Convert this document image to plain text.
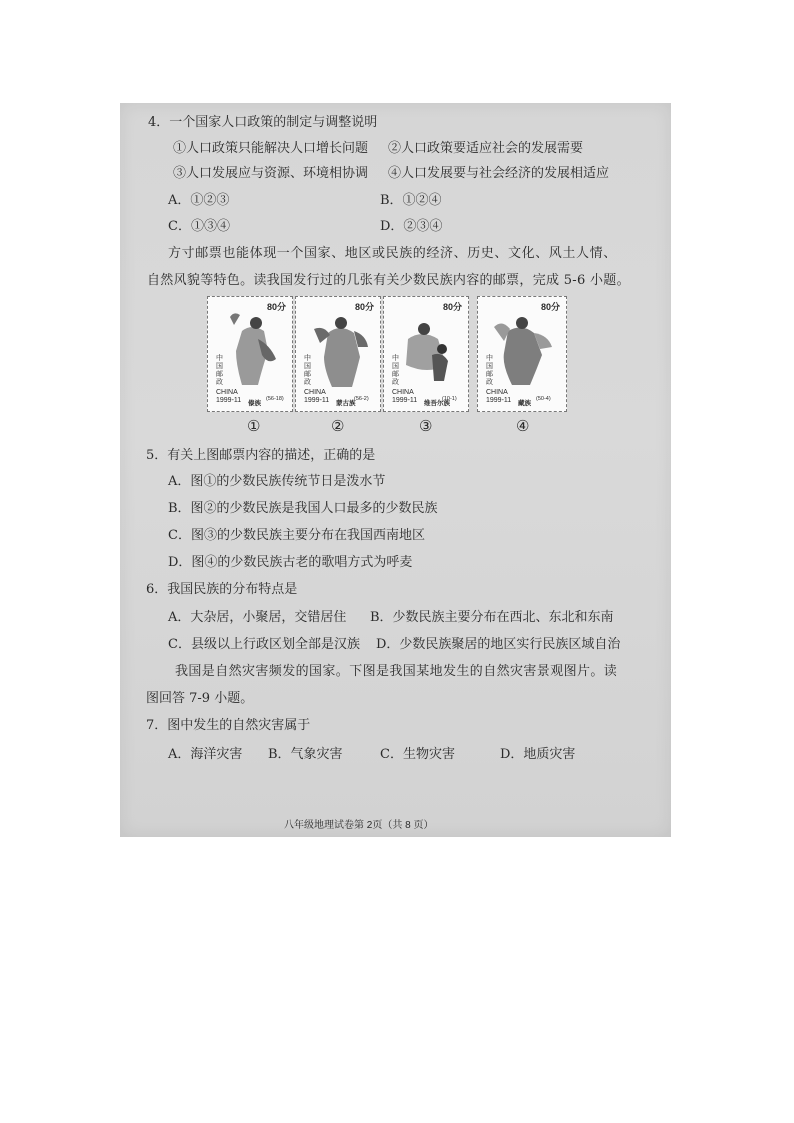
4．一个国家人口政策的制定与调整说明
①人口政策只能解决人口增长问题 ②人口政策要适应社会的发展需要
③人口发展应与资源、环境相协调 ④人口发展要与社会经济的发展相适应
A．①②③	B．①②④
C．①③④	D．②③④
方寸邮票也能体现一个国家、地区或民族的经济、历史、文化、风土人情、
自然风貌等特色。读我国发行过的几张有关少数民族内容的邮票，完成 5-6 小题。
80分
中国邮政
CHINA
1999-11 傣族
(56-18)
80分
中国邮政
CHINA
1999-11 蒙古族
(56-2)
80分
中国邮政
CHINA
1999-11 维吾尔族
(10-1)
80分
中国邮政
CHINA
1999-11 藏族
(50-4)
①	②	③	④
5．有关上图邮票内容的描述，正确的是
A．图①的少数民族传统节日是泼水节
B．图②的少数民族是我国人口最多的少数民族
C．图③的少数民族主要分布在我国西南地区
D．图④的少数民族古老的歌唱方式为呼麦
6．我国民族的分布特点是
A．大杂居，小聚居，交错居住 B．少数民族主要分布在西北、东北和东南
C．县级以上行政区划全部是汉族 D．少数民族聚居的地区实行民族区域自治
我国是自然灾害频发的国家。下图是我国某地发生的自然灾害景观图片。读
图回答 7-9 小题。
7．图中发生的自然灾害属于
A．海洋灾害 B．气象灾害	C．生物灾害	D．地质灾害
八年级地理试卷第 2页（共 8 页）
